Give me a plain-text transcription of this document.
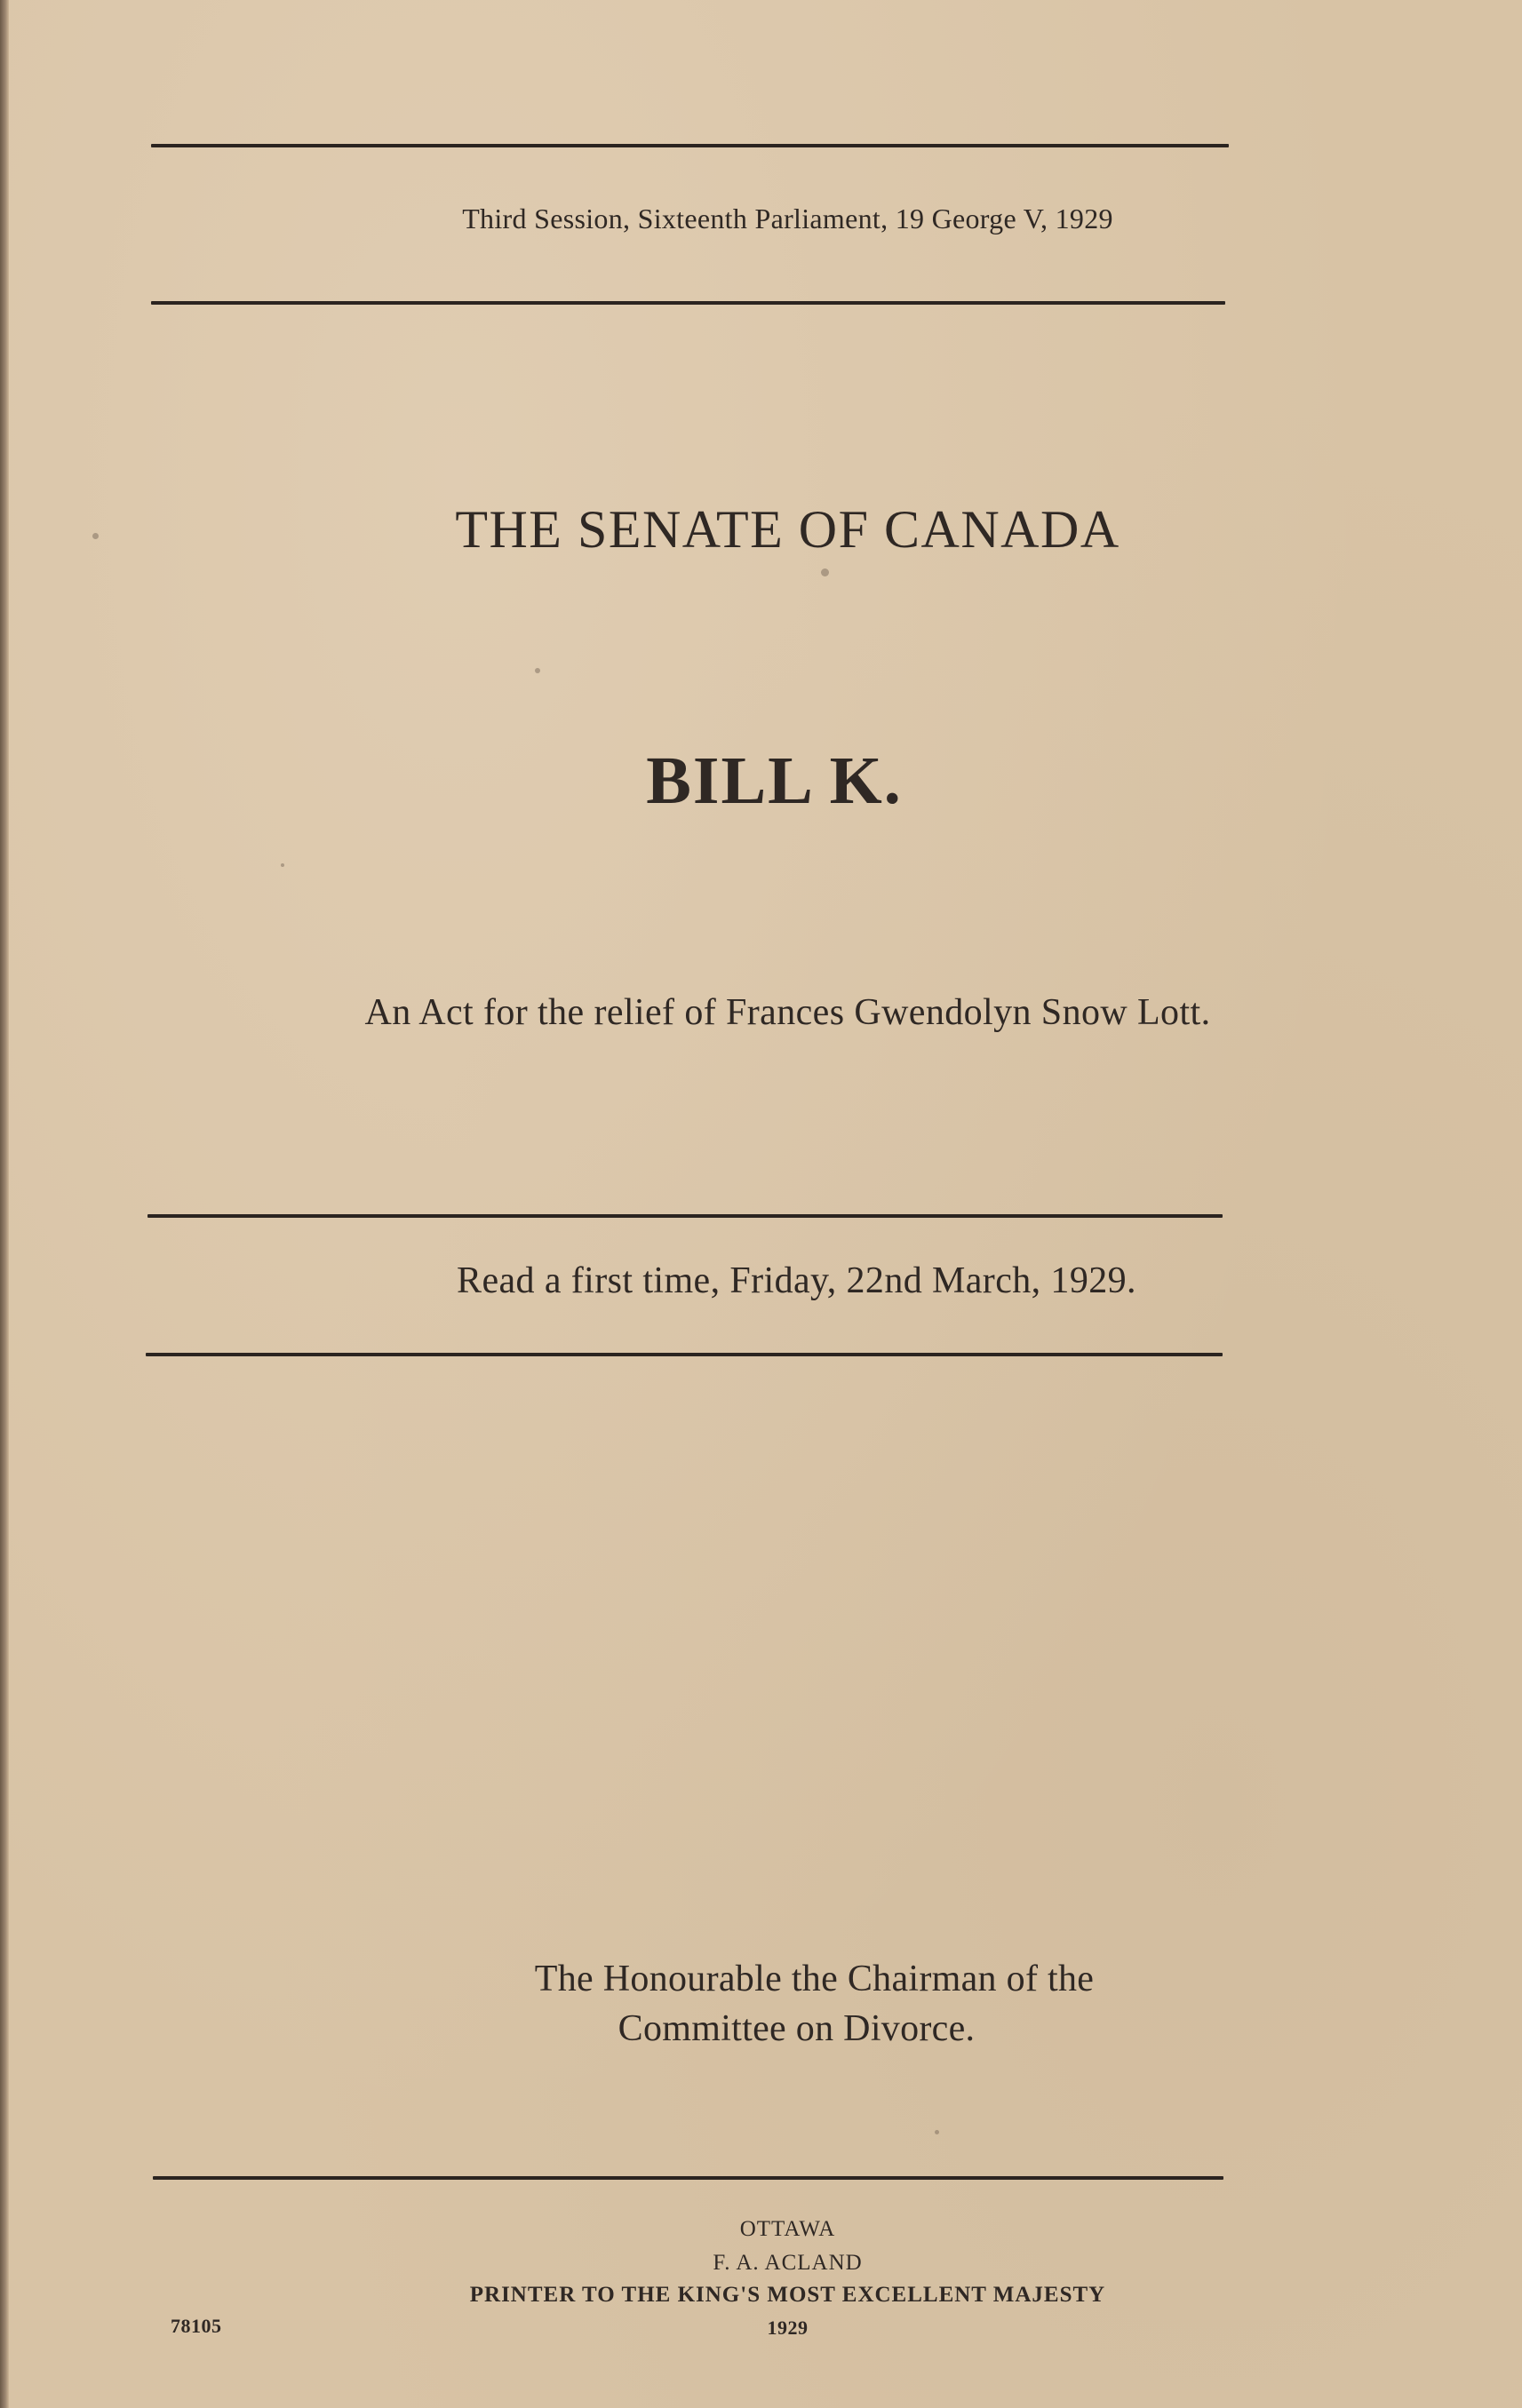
Third Session, Sixteenth Parliament, 19 George V, 1929
THE SENATE OF CANADA
BILL K.
An Act for the relief of Frances Gwendolyn Snow Lott.
Read a first time, Friday, 22nd March, 1929.
The Honourable the Chairman of the
Committee on Divorce.
OTTAWA
F. A. ACLAND
PRINTER TO THE KING'S MOST EXCELLENT MAJESTY
1929
78105
